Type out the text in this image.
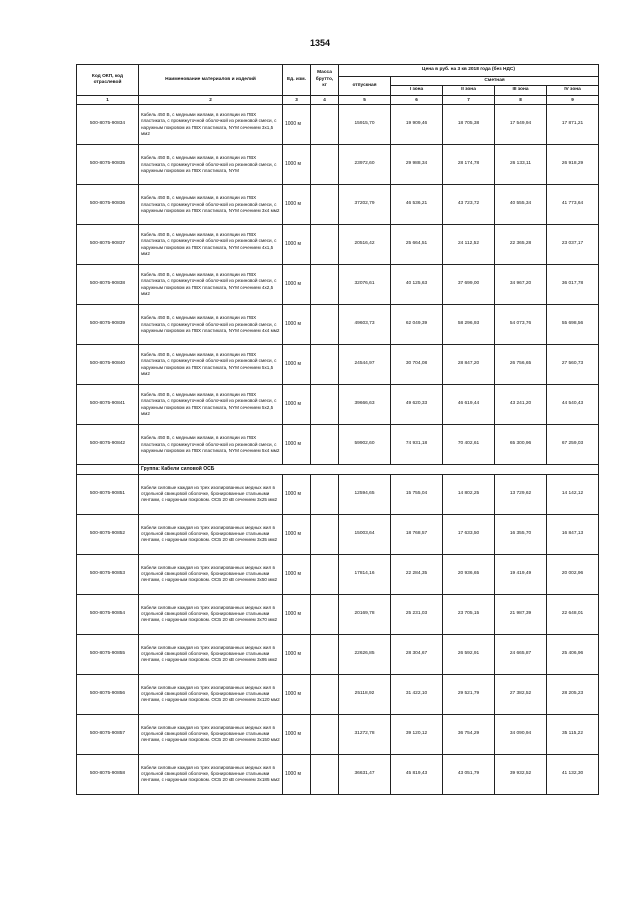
1354
Код ОКП, код отраслевой	Наименование материалов и изделий	Ед. изм.	Масса брутто, кг	Цена в руб. на 3 кв 2018 года (без НДС)				
				отпускная	Сметная			
					I зона	II зона	III зона	IV зона
1	2	3	4	5	6	7	8	9
500-8075-90834	Кабель 450 В, с медными жилами, в изоляции из ПВХ пластиката, с промежуточной оболочкой из резиновой смеси, с наружным покровом из ПВХ пластиката, NYM сечением 3х1,5 мм2	1000 м		15915,70	19 909,46	18 705,38	17 549,94	17 871,21
500-8075-90835	Кабель 450 В, с медными жилами, в изоляции из ПВХ пластиката, с промежуточной оболочкой из резиновой смеси, с наружным покровом из ПВХ пластиката, NYM	1000 м		23972,60	29 988,34	28 174,78	26 133,11	26 918,29
500-8075-90836	Кабель 450 В, с медными жилами, в изоляции из ПВХ пластиката, с промежуточной оболочкой из резиновой смеси, с наружным покровом из ПВХ пластиката, NYM сечением 3х4 мм2	1000 м		37202,79	46 536,21	43 723,72	40 555,34	41 773,64
500-8075-90837	Кабель 450 В, с медными жилами, в изоляции из ПВХ пластиката, с промежуточной оболочкой из резиновой смеси, с наружным покровом из ПВХ пластиката, NYM сечением 4х1,5 мм2	1000 м		20516,42	25 664,51	24 112,52	22 365,28	23 037,17
500-8075-90838	Кабель 450 В, с медными жилами, в изоляции из ПВХ пластиката, с промежуточной оболочкой из резиновой смеси, с наружным покровом из ПВХ пластиката, NYM сечением 4х2,5 мм2	1000 м		32076,61	40 125,63	37 699,00	34 967,20	36 017,78
500-8075-90839	Кабель 450 В, с медными жилами, в изоляции из ПВХ пластиката, с промежуточной оболочкой из резиновой смеси, с наружным покровом из ПВХ пластиката, NYM сечением 4х4 мм2	1000 м		49603,73	62 049,39	58 296,93	54 073,76	55 698,56
500-8075-90840	Кабель 450 В, с медными жилами, в изоляции из ПВХ пластиката, с промежуточной оболочкой из резиновой смеси, с наружным покровом из ПВХ пластиката, NYM сечением 5х1,5 мм2	1000 м		24544,97	30 704,08	28 847,20	26 756,65	27 560,73
500-8075-90841	Кабель 450 В, с медными жилами, в изоляции из ПВХ пластиката, с промежуточной оболочкой из резиновой смеси, с наружным покровом из ПВХ пластиката, NYM сечением 5х2,5 мм2	1000 м		39666,63	49 620,33	46 619,44	43 241,20	44 540,43
500-8075-90842	Кабель 450 В, с медными жилами, в изоляции из ПВХ пластиката, с промежуточной оболочкой из резиновой смеси, с наружным покровом из ПВХ пластиката, NYM сечением 5х4 мм2	1000 м		59902,60	74 931,18	70 402,61	65 300,96	67 259,03
	Группа: Кабели силовой ОСБ							
500-8075-90851	Кабели силовые каждая из трех изолированных медных жил в отдельной свинцовой оболочке, бронированные стальными лентами, с наружным покровом. ОСБ 20 кВ сечением 3х25 мм2	1000 м		12594,65	15 755,04	14 802,25	13 729,62	14 142,12
500-8075-90852	Кабели силовые каждая из трех изолированных медных жил в отдельной свинцовой оболочке, бронированные стальными лентами, с наружным покровом. ОСБ 20 кВ сечением 3х35 мм2	1000 м		15003,64	18 768,57	17 633,50	16 355,70	16 847,13
500-8075-90853	Кабели силовые каждая из трех изолированных медных жил в отдельной свинцовой оболочке, бронированные стальными лентами, с наружным покровом. ОСБ 20 кВ сечением 3х50 мм2	1000 м		17814,16	22 284,35	20 936,65	19 419,49	20 002,96
500-8075-90854	Кабели силовые каждая из трех изолированных медных жил в отдельной свинцовой оболочке, бронированные стальными лентами, с наружным покровом. ОСБ 20 кВ сечением 3х70 мм2	1000 м		20169,78	25 231,03	23 705,15	21 987,39	22 648,01
500-8075-90855	Кабели силовые каждая из трех изолированных медных жил в отдельной свинцовой оболочке, бронированные стальными лентами, с наружным покровом. ОСБ 20 кВ сечением 3х95 мм2	1000 м		22626,85	28 304,67	26 592,91	24 665,87	25 406,96
500-8075-90856	Кабели силовые каждая из трех изолированных медных жил в отдельной свинцовой оболочке, бронированные стальными лентами, с наружным покровом. ОСБ 20 кВ сечением 3х120 мм2	1000 м		25118,92	31 422,10	29 521,79	27 382,52	28 205,23
500-8075-90857	Кабели силовые каждая из трех изолированных медных жил в отдельной свинцовой оболочке, бронированные стальными лентами, с наружным покровом. ОСБ 20 кВ сечением 3х150 мм2	1000 м		31272,78	39 120,12	36 754,29	34 090,94	35 115,22
500-8075-90858	Кабели силовые каждая из трех изолированных медных жил в отдельной свинцовой оболочке, бронированные стальными лентами, с наружным покровом. ОСБ 20 кВ сечением 3х185 мм2	1000 м		36631,47	45 819,43	43 051,79	39 932,52	41 132,30
